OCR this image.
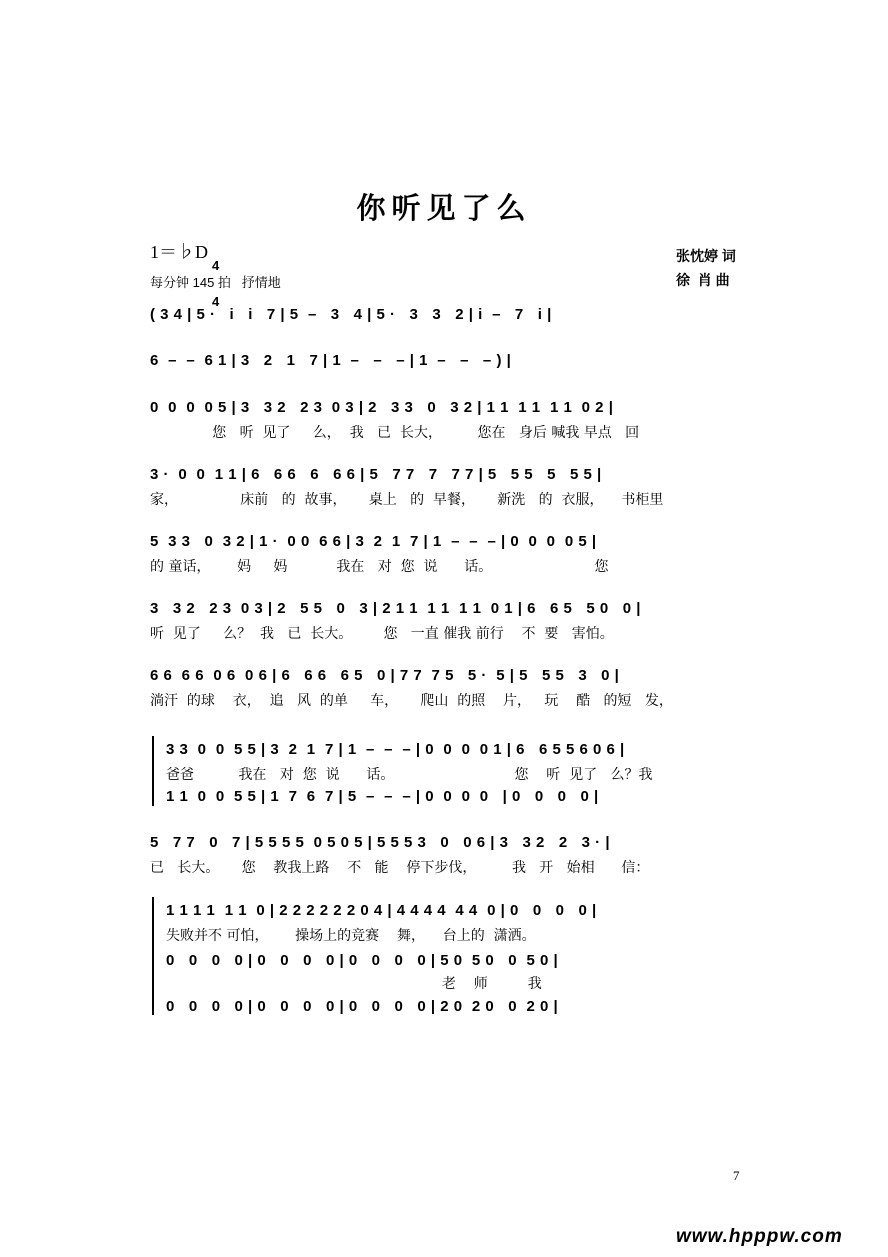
你听见了么
1＝♭D

4

4

每分钟 145 拍   抒情地
张忱婷 词
徐  肖 曲
( 3 4 | 5 ·   i   i   7 | 5  –   3   4 | 5 ·   3   3   2 | i  –   7   i |
6  –  –  6 1 | 3   2   1   7 | 1  –   –   – | 1  –   –   – ) |
0  0  0  0 5 | 3   3 2   2 3  0 3 | 2   3 3   0   3 2 | 1 1  1 1  1 1  0 2 |
您   听  见了     么，  我   已  长大，        您在   身后 喊我 早点   回
3 ·  0  0  1 1 | 6   6 6   6   6 6 | 5   7 7   7   7 7 | 5   5 5   5   5 5 |
家，              床前   的  故事，     桌上   的  早餐，     新洗   的  衣服，    书柜里
5  3 3   0  3 2 | 1 ·  0 0  6 6 | 3  2  1  7 | 1  –  –  – | 0  0  0  0 5 |
的 童话，      妈     妈           我在   对  您  说      话。                       您
3   3 2   2 3  0 3 | 2   5 5   0   3 | 2 1 1  1 1  1 1  0 1 | 6   6 5   5 0   0 |
听  见了     么？  我   已  长大。       您   一直 催我 前行    不  要   害怕。
6 6  6 6  0 6  0 6 | 6   6 6   6 5   0 | 7 7  7 5   5 ·  5 | 5   5 5   3   0 |
淌汗  的球    衣，  追   风  的单     车，     爬山  的照    片，   玩    酷   的短   发，
3 3  0  0  5 5 | 3  2  1  7 | 1  –  –  – | 0  0  0  0 1 | 6   6 5 5 6 0 6 |
爸爸          我在   对  您  说      话。                           您    听  见了   么？我
1 1  0  0  5 5 | 1  7  6  7 | 5  –  –  – | 0  0  0  0   | 0   0   0   0 |
5   7 7   0   7 | 5 5 5 5  0 5 0 5 | 5 5 5 3   0   0 6 | 3   3 2   2   3 · |
已   长大。     您    教我上路    不   能    停下步伐，        我   开   始相      信：
1 1 1 1  1 1  0 | 2 2 2 2 2 2 0 4 | 4 4 4 4  4 4  0 | 0   0   0   0 |
失败并不 可怕，      操场上的竞赛    舞，    台上的  潇洒。
0   0   0   0 | 0   0   0   0 | 0   0   0   0 | 5 0  5 0   0  5 0 |
老    师         我
0   0   0   0 | 0   0   0   0 | 0   0   0   0 | 2 0  2 0   0  2 0 |
7
www.hpppw.com
